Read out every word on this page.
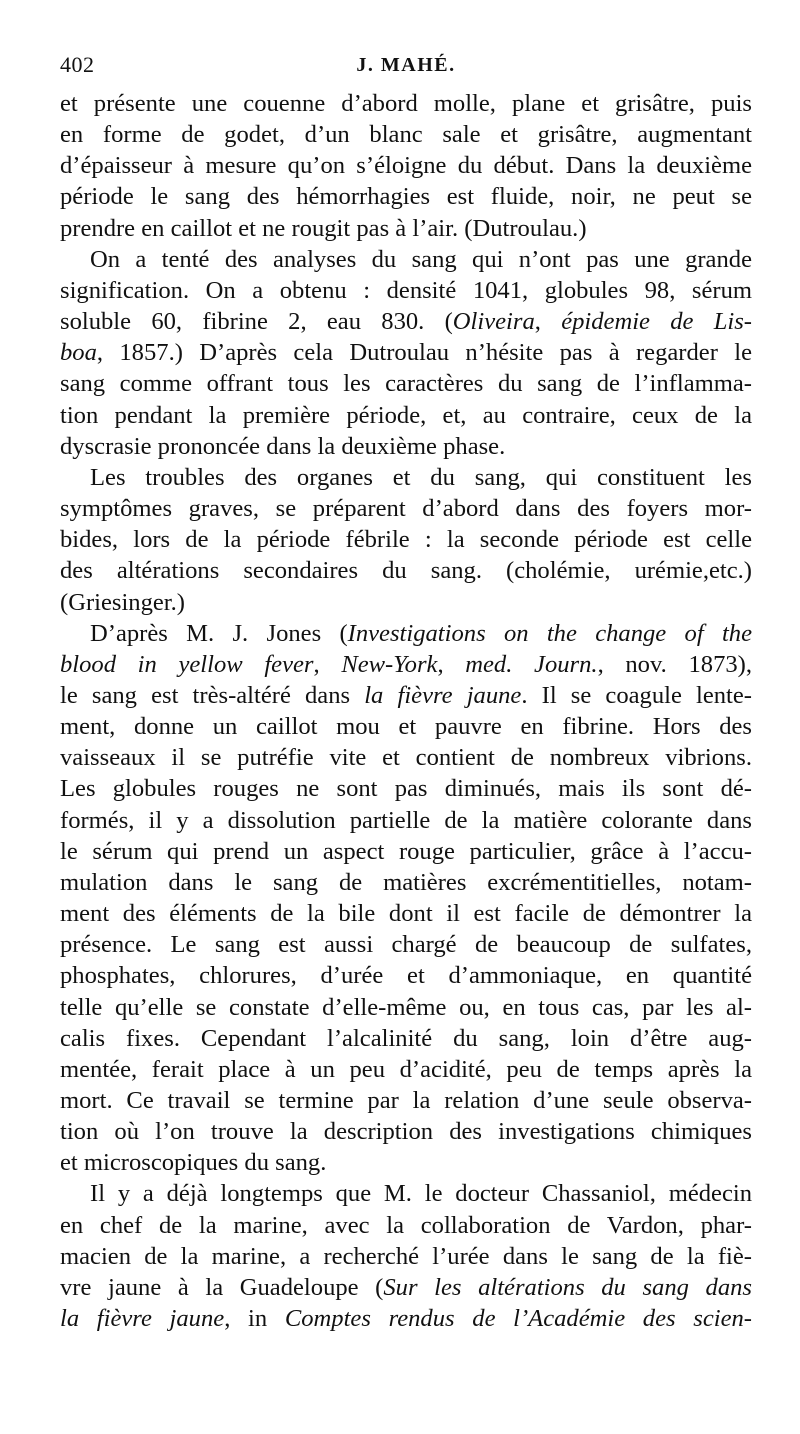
402	J. MAHÉ.
et présente une couenne d’abord molle, plane et grisâtre, puis
en forme de godet, d’un blanc sale et grisâtre, augmentant
d’épaisseur à mesure qu’on s’éloigne du début. Dans la deuxième
période le sang des hémorrhagies est fluide, noir, ne peut se
prendre en caillot et ne rougit pas à l’air. (Dutroulau.)
On a tenté des analyses du sang qui n’ont pas une grande
signification. On a obtenu : densité 1041, globules 98, sérum
soluble 60, fibrine 2, eau 830. (Oliveira, épidemie de Lis-
boa, 1857.) D’après cela Dutroulau n’hésite pas à regarder le
sang comme offrant tous les caractères du sang de l’inflamma-
tion pendant la première période, et, au contraire, ceux de la
dyscrasie prononcée dans la deuxième phase.
Les troubles des organes et du sang, qui constituent les
symptômes graves, se préparent d’abord dans des foyers mor-
bides, lors de la période fébrile : la seconde période est celle
des altérations secondaires du sang. (cholémie, urémie,etc.)
(Griesinger.)
D’après M. J. Jones (Investigations on the change of the
blood in yellow fever, New-York, med. Journ., nov. 1873),
le sang est très-altéré dans la fièvre jaune. Il se coagule lente-
ment, donne un caillot mou et pauvre en fibrine. Hors des
vaisseaux il se putréfie vite et contient de nombreux vibrions.
Les globules rouges ne sont pas diminués, mais ils sont dé-
formés, il y a dissolution partielle de la matière colorante dans
le sérum qui prend un aspect rouge particulier, grâce à l’accu-
mulation dans le sang de matières excrémentitielles, notam-
ment des éléments de la bile dont il est facile de démontrer la
présence. Le sang est aussi chargé de beaucoup de sulfates,
phosphates, chlorures, d’urée et d’ammoniaque, en quantité
telle qu’elle se constate d’elle-même ou, en tous cas, par les al-
calis fixes. Cependant l’alcalinité du sang, loin d’être aug-
mentée, ferait place à un peu d’acidité, peu de temps après la
mort. Ce travail se termine par la relation d’une seule observa-
tion où l’on trouve la description des investigations chimiques
et microscopiques du sang.
Il y a déjà longtemps que M. le docteur Chassaniol, médecin
en chef de la marine, avec la collaboration de Vardon, phar-
macien de la marine, a recherché l’urée dans le sang de la fiè-
vre jaune à la Guadeloupe (Sur les altérations du sang dans
la fièvre jaune, in Comptes rendus de l’Académie des scien-
